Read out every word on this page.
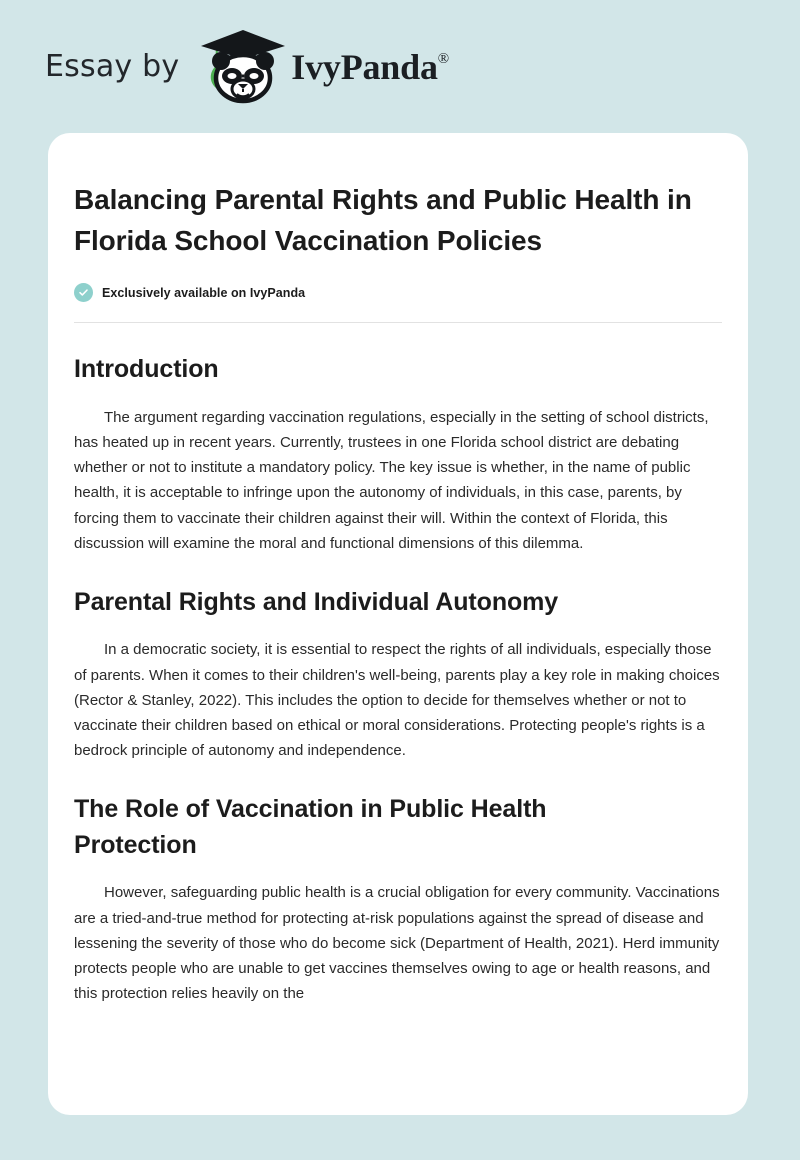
Essay by	IvyPanda®
Balancing Parental Rights and Public Health in Florida School Vaccination Policies
Exclusively available on IvyPanda
Introduction

The argument regarding vaccination regulations, especially in the setting of school districts, has heated up in recent years. Currently, trustees in one Florida school district are debating whether or not to institute a mandatory policy. The key issue is whether, in the name of public health, it is acceptable to infringe upon the autonomy of individuals, in this case, parents, by forcing them to vaccinate their children against their will. Within the context of Florida, this discussion will examine the moral and functional dimensions of this dilemma.

Parental Rights and Individual Autonomy

In a democratic society, it is essential to respect the rights of all individuals, especially those of parents. When it comes to their children's well-being, parents play a key role in making choices (Rector & Stanley, 2022). This includes the option to decide for themselves whether or not to vaccinate their children based on ethical or moral considerations. Protecting people's rights is a bedrock principle of autonomy and independence.

The Role of Vaccination in Public Health Protection

However, safeguarding public health is a crucial obligation for every community. Vaccinations are a tried-and-true method for protecting at-risk populations against the spread of disease and lessening the severity of those who do become sick (Department of Health, 2021). Herd immunity protects people who are unable to get vaccines themselves owing to age or health reasons, and this protection relies heavily on the
